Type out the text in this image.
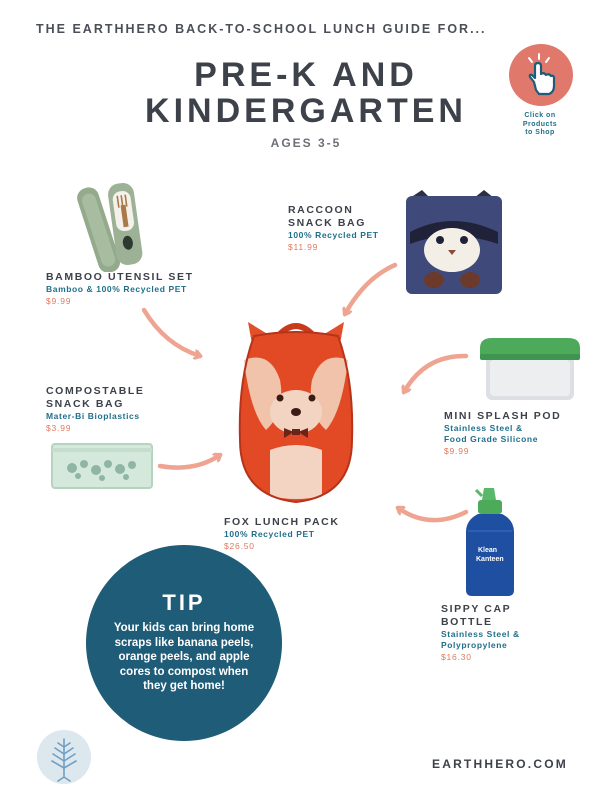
THE EARTHHERO BACK-TO-SCHOOL LUNCH GUIDE FOR...
PRE-K AND
KINDERGARTEN
AGES 3-5
Click on
Products
to Shop
BAMBOO UTENSIL SET
Bamboo & 100% Recycled PET
$9.99
RACCOON
SNACK BAG
100% Recycled PET
$11.99
COMPOSTABLE
SNACK BAG
Mater-Bi Bioplastics
$3.99
FOX LUNCH PACK
100% Recycled PET
$26.50
MINI SPLASH POD
Stainless Steel &
Food Grade Silicone
$9.99
Klean
Kanteen
SIPPY CAP
BOTTLE
Stainless Steel &
Polypropylene
$16.30
TIP
Your kids can bring home scraps like banana peels, orange peels, and apple cores to compost when they get home!
EARTHHERO.COM
